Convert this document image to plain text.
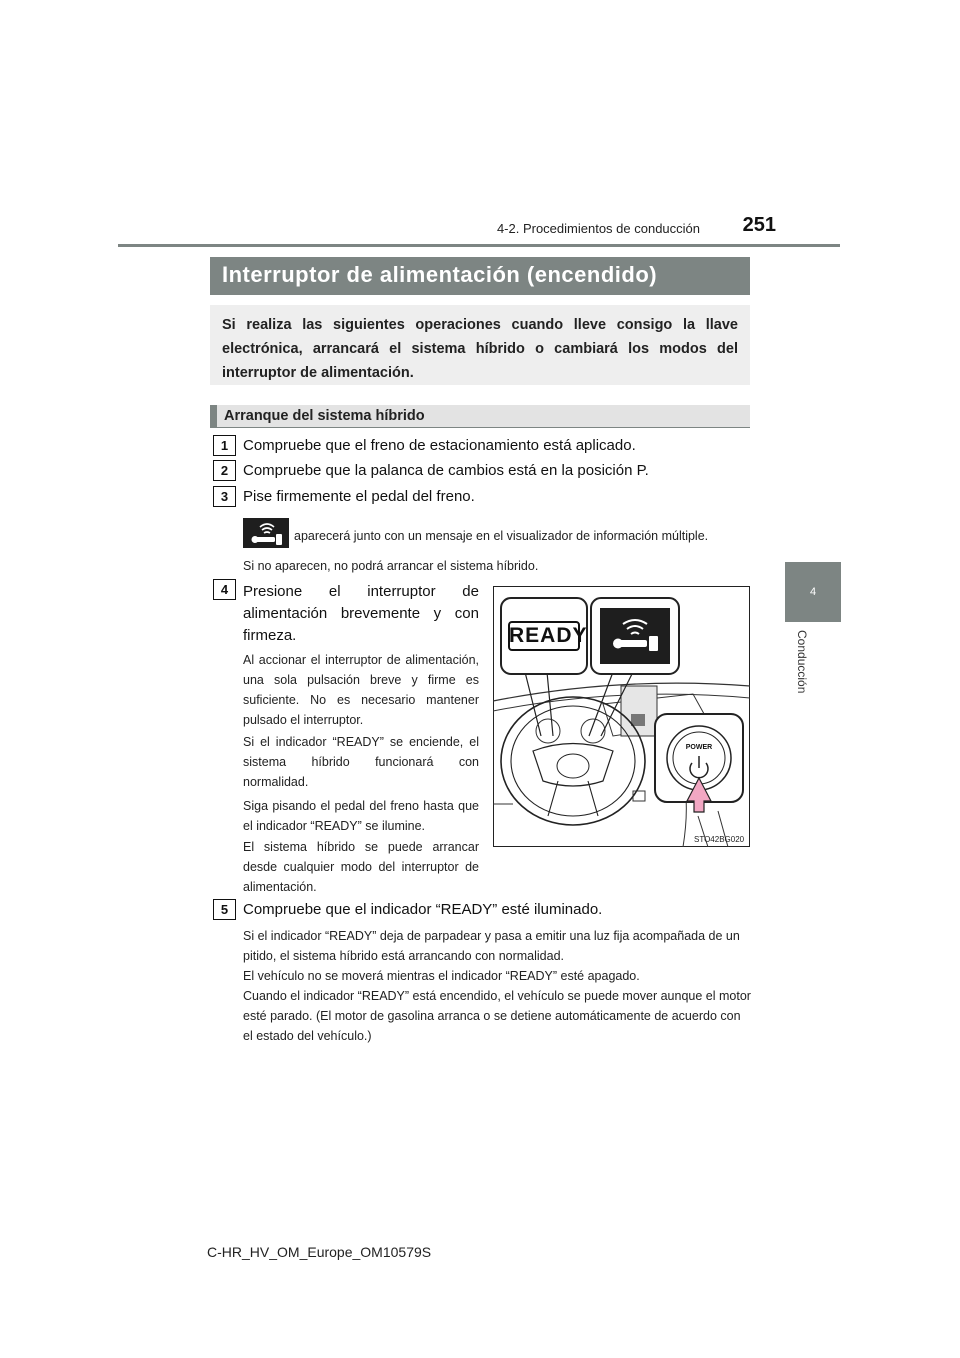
4-2. Procedimientos de conducción	251
4
Conducción
Interruptor de alimentación (encendido)
Si realiza las siguientes operaciones cuando lleve consigo la llave electrónica, arrancará el sistema híbrido o cambiará los modos del interruptor de alimentación.
Arranque del sistema híbrido
1 Compruebe que el freno de estacionamiento está aplicado.
2 Compruebe que la palanca de cambios está en la posición P.
3 Pise firmemente el pedal del freno.
aparecerá junto con un mensaje en el visualizador de información múltiple.
Si no aparecen, no podrá arrancar el sistema híbrido.
4 Presione el interruptor de alimentación brevemente y con firmeza.
Al accionar el interruptor de alimentación, una sola pulsación breve y firme es suficiente. No es necesario mantener pulsado el interruptor.
Si el indicador “READY” se enciende, el sistema híbrido funcionará con normalidad.
Siga pisando el pedal del freno hasta que el indicador “READY” se ilumine.
El sistema híbrido se puede arrancar desde cualquier modo del interruptor de alimentación.
READY
POWER
STO42BG020
5 Compruebe que el indicador “READY” esté iluminado.
Si el indicador “READY” deja de parpadear y pasa a emitir una luz fija acompañada de un pitido, el sistema híbrido está arrancando con normalidad.
El vehículo no se moverá mientras el indicador “READY” esté apagado.
Cuando el indicador “READY” está encendido, el vehículo se puede mover aunque el motor esté parado. (El motor de gasolina arranca o se detiene automáticamente de acuerdo con el estado del vehículo.)
C-HR_HV_OM_Europe_OM10579S
